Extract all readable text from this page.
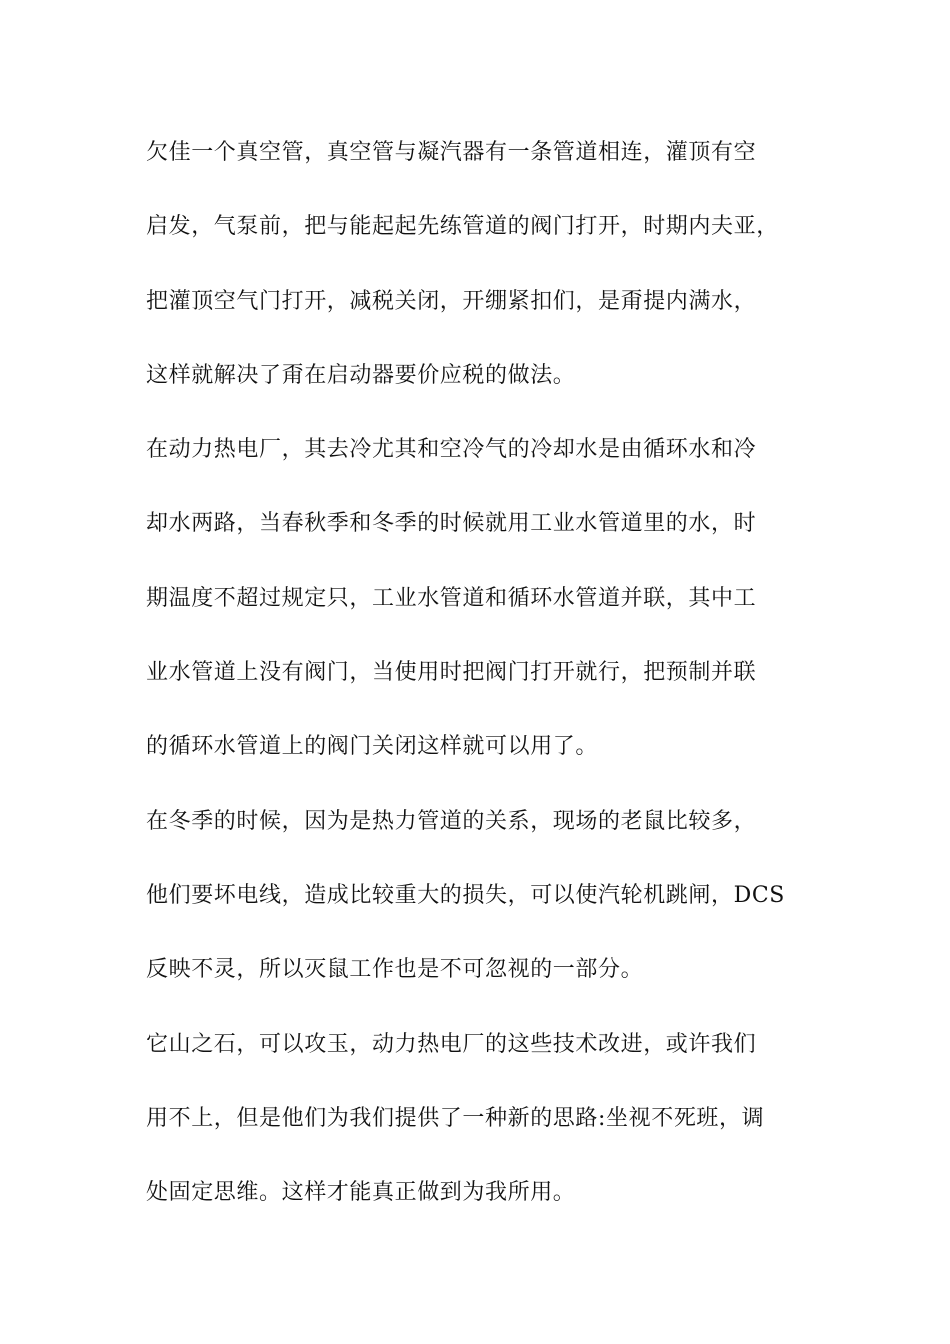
欠佳一个真空管，真空管与凝汽器有一条管道相连，灌顶有空
启发，气泵前，把与能起起先练管道的阀门打开，时期内夫亚，
把灌顶空气门打开，减税关闭，开绷紧扣们，是甭提内满水，
这样就解决了甭在启动器要价应税的做法。
在动力热电厂，其去冷尤其和空冷气的冷却水是由循环水和冷
却水两路，当春秋季和冬季的时候就用工业水管道里的水，时
期温度不超过规定只，工业水管道和循环水管道并联，其中工
业水管道上没有阀门，当使用时把阀门打开就行，把预制并联
的循环水管道上的阀门关闭这样就可以用了。
在冬季的时候，因为是热力管道的关系，现场的老鼠比较多，
他们要坏电线，造成比较重大的损失，可以使汽轮机跳闸，DCS
反映不灵，所以灭鼠工作也是不可忽视的一部分。
它山之石，可以攻玉，动力热电厂的这些技术改进，或许我们
用不上，但是他们为我们提供了一种新的思路:坐视不死班，调
处固定思维。这样才能真正做到为我所用。
